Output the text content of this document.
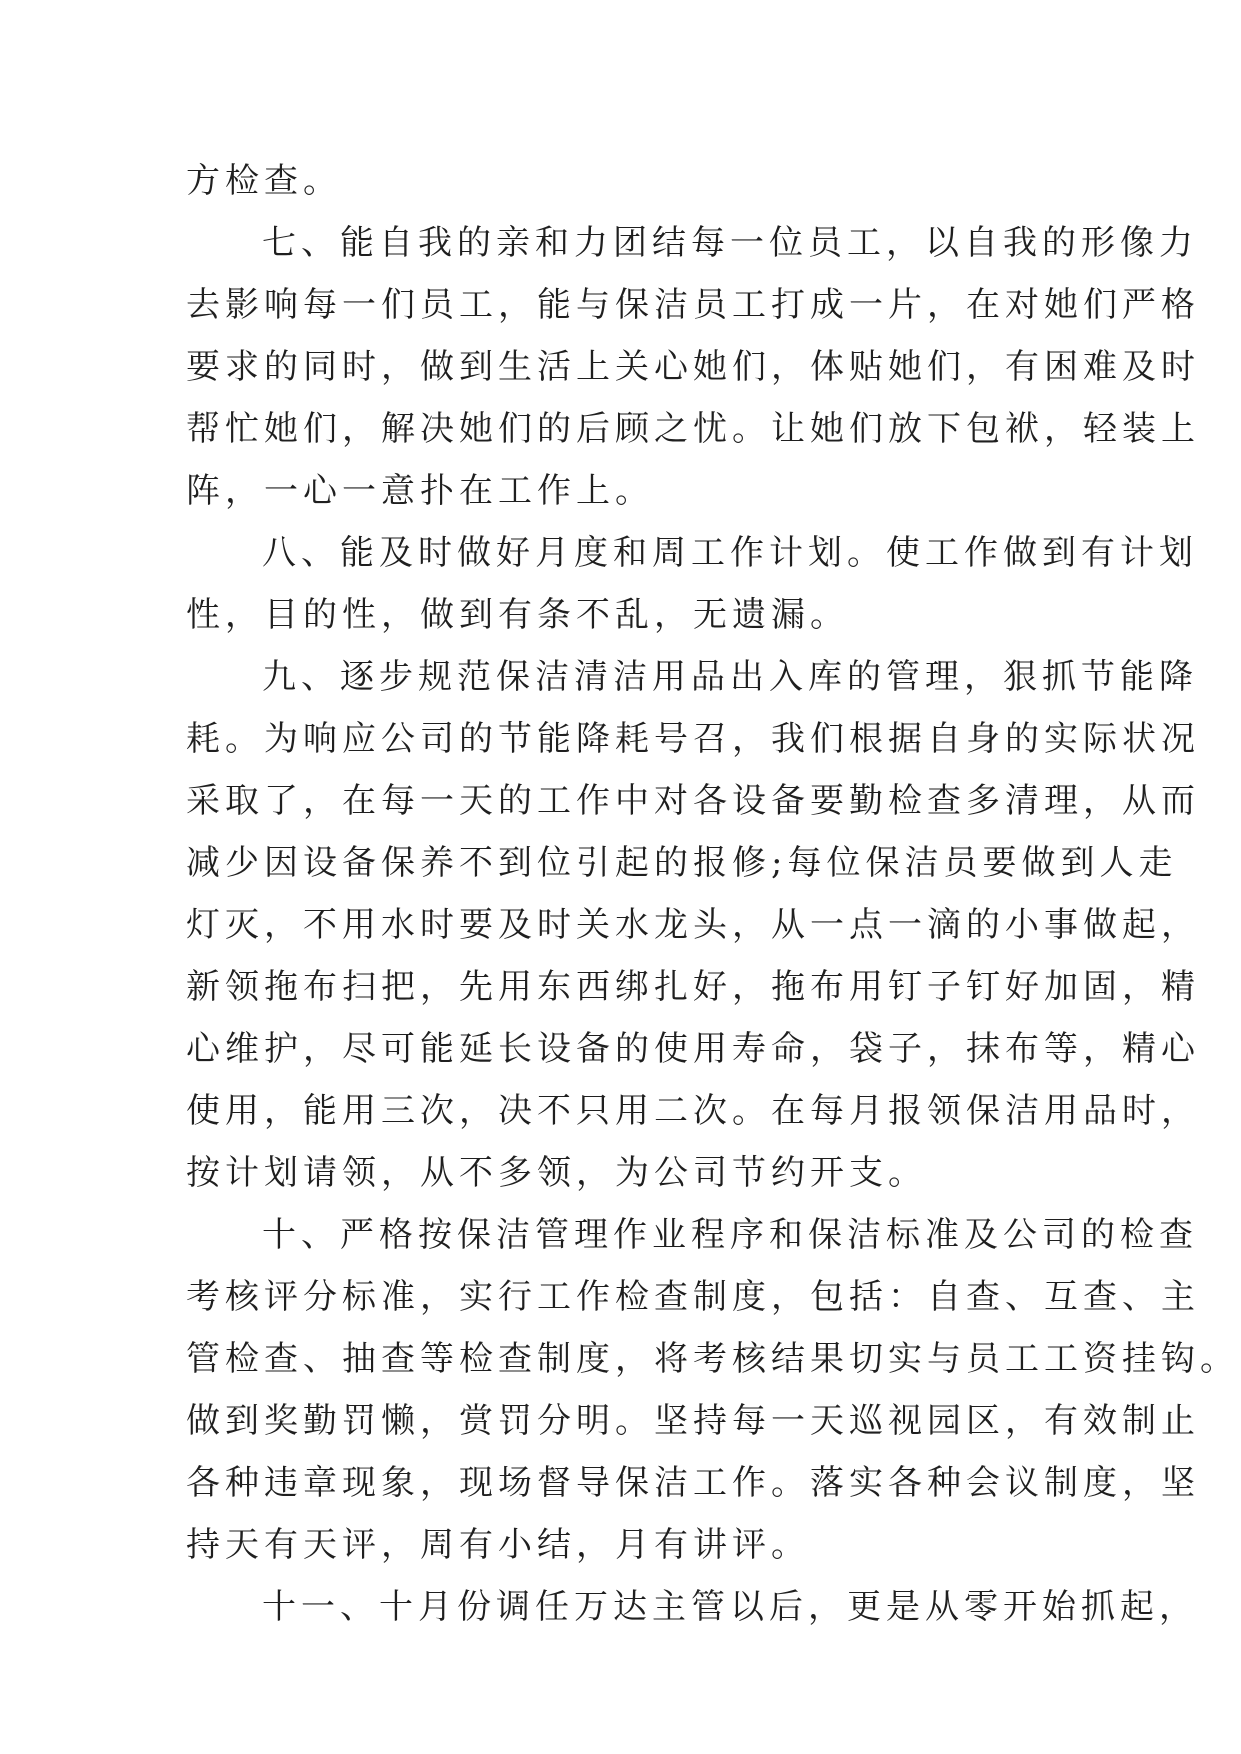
方检查。
七、能自我的亲和力团结每一位员工，以自我的形像力
去影响每一们员工，能与保洁员工打成一片，在对她们严格
要求的同时，做到生活上关心她们，体贴她们，有困难及时
帮忙她们，解决她们的后顾之忧。让她们放下包袱，轻装上
阵，一心一意扑在工作上。
八、能及时做好月度和周工作计划。使工作做到有计划
性，目的性，做到有条不乱，无遗漏。
九、逐步规范保洁清洁用品出入库的管理，狠抓节能降
耗。为响应公司的节能降耗号召，我们根据自身的实际状况
采取了，在每一天的工作中对各设备要勤检查多清理，从而
减少因设备保养不到位引起的报修;每位保洁员要做到人走
灯灭，不用水时要及时关水龙头，从一点一滴的小事做起，
新领拖布扫把，先用东西绑扎好，拖布用钉子钉好加固，精
心维护，尽可能延长设备的使用寿命，袋子，抹布等，精心
使用，能用三次，决不只用二次。在每月报领保洁用品时，
按计划请领，从不多领，为公司节约开支。
十、严格按保洁管理作业程序和保洁标准及公司的检查
考核评分标准，实行工作检查制度，包括：自查、互查、主
管检查、抽查等检查制度，将考核结果切实与员工工资挂钩。
做到奖勤罚懒，赏罚分明。坚持每一天巡视园区，有效制止
各种违章现象，现场督导保洁工作。落实各种会议制度，坚
持天有天评，周有小结，月有讲评。
十一、十月份调任万达主管以后，更是从零开始抓起，
